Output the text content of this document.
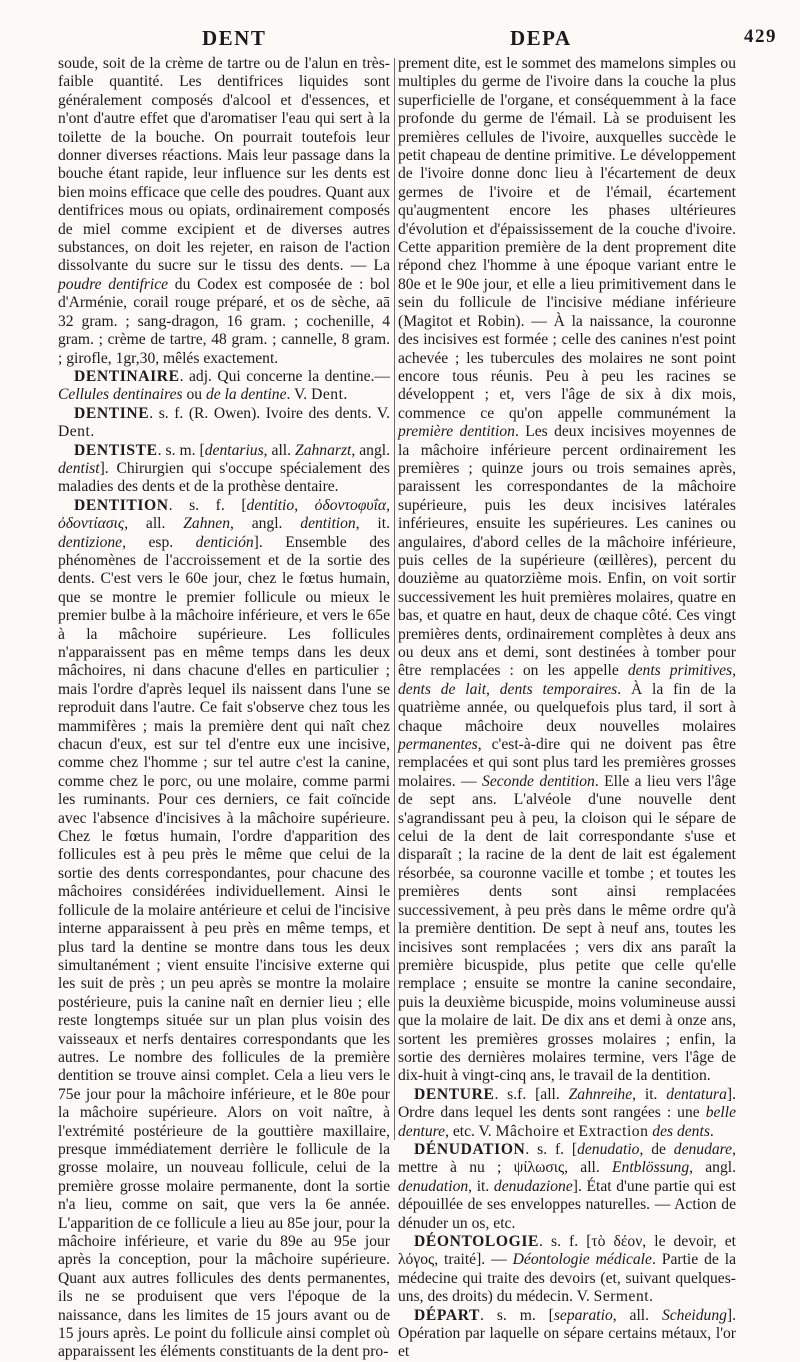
DENT	DEPA	429

soude, soit de la crème de tartre ou de l'alun en très-faible quantité. Les dentifrices liquides sont généralement composés d'alcool et d'essences, et n'ont d'autre effet que d'aromatiser l'eau qui sert à la toilette de la bouche. On pourrait toutefois leur donner diverses réactions. Mais leur passage dans la bouche étant rapide, leur influence sur les dents est bien moins efficace que celle des poudres. Quant aux dentifrices mous ou opiats, ordinairement composés de miel comme excipient et de diverses autres substances, on doit les rejeter, en raison de l'action dissolvante du sucre sur le tissu des dents. — La poudre dentifrice du Codex est composée de : bol d'Arménie, corail rouge préparé, et os de sèche, aā 32 gram. ; sang-dragon, 16 gram. ; cochenille, 4 gram. ; crème de tartre, 48 gram. ; cannelle, 8 gram. ; girofle, 1gr,30, mêlés exactement.

DENTINAIRE. adj. Qui concerne la dentine.—Cellules dentinaires ou de la dentine. V. Dent.

DENTINE. s. f. (R. Owen). Ivoire des dents. V. Dent.

DENTISTE. s. m. [dentarius, all. Zahnarzt, angl. dentist]. Chirurgien qui s'occupe spécialement des maladies des dents et de la prothèse dentaire.

DENTITION. s. f. [dentitio, ὀδοντοφυΐα, ὀδοντίασις, all. Zahnen, angl. dentition, it. dentizione, esp. dentición]. Ensemble des phénomènes de l'accroissement et de la sortie des dents. C'est vers le 60e jour, chez le fœtus humain, que se montre le premier follicule ou mieux le premier bulbe à la mâchoire inférieure, et vers le 65e à la mâchoire supérieure. Les follicules n'apparaissent pas en même temps dans les deux mâchoires, ni dans chacune d'elles en particulier ; mais l'ordre d'après lequel ils naissent dans l'une se reproduit dans l'autre. Ce fait s'observe chez tous les mammifères ; mais la première dent qui naît chez chacun d'eux, est sur tel d'entre eux une incisive, comme chez l'homme ; sur tel autre c'est la canine, comme chez le porc, ou une molaire, comme parmi les ruminants. Pour ces derniers, ce fait coïncide avec l'absence d'incisives à la mâchoire supérieure. Chez le fœtus humain, l'ordre d'apparition des follicules est à peu près le même que celui de la sortie des dents correspondantes, pour chacune des mâchoires considérées individuellement. Ainsi le follicule de la molaire antérieure et celui de l'incisive interne apparaissent à peu près en même temps, et plus tard la dentine se montre dans tous les deux simultanément ; vient ensuite l'incisive externe qui les suit de près ; un peu après se montre la molaire postérieure, puis la canine naît en dernier lieu ; elle reste longtemps située sur un plan plus voisin des vaisseaux et nerfs dentaires correspondants que les autres. Le nombre des follicules de la première dentition se trouve ainsi complet. Cela a lieu vers le 75e jour pour la mâchoire inférieure, et le 80e pour la mâchoire supérieure. Alors on voit naître, à l'extrémité postérieure de la gouttière maxillaire, presque immédiatement derrière le follicule de la grosse molaire, un nouveau follicule, celui de la première grosse molaire permanente, dont la sortie n'a lieu, comme on sait, que vers la 6e année. L'apparition de ce follicule a lieu au 85e jour, pour la mâchoire inférieure, et varie du 89e au 95e jour après la conception, pour la mâchoire supérieure. Quant aux autres follicules des dents permanentes, ils ne se produisent que vers l'époque de la naissance, dans les limites de 15 jours avant ou de 15 jours après. Le point du follicule ainsi complet où apparaissent les éléments constituants de la dent pro-

prement dite, est le sommet des mamelons simples ou multiples du germe de l'ivoire dans la couche la plus superficielle de l'organe, et conséquemment à la face profonde du germe de l'émail. Là se produisent les premières cellules de l'ivoire, auxquelles succède le petit chapeau de dentine primitive. Le développement de l'ivoire donne donc lieu à l'écartement de deux germes de l'ivoire et de l'émail, écartement qu'augmentent encore les phases ultérieures d'évolution et d'épaississement de la couche d'ivoire. Cette apparition première de la dent proprement dite répond chez l'homme à une époque variant entre le 80e et le 90e jour, et elle a lieu primitivement dans le sein du follicule de l'incisive médiane inférieure (Magitot et Robin). — À la naissance, la couronne des incisives est formée ; celle des canines n'est point achevée ; les tubercules des molaires ne sont point encore tous réunis. Peu à peu les racines se développent ; et, vers l'âge de six à dix mois, commence ce qu'on appelle communément la première dentition. Les deux incisives moyennes de la mâchoire inférieure percent ordinairement les premières ; quinze jours ou trois semaines après, paraissent les correspondantes de la mâchoire supérieure, puis les deux incisives latérales inférieures, ensuite les supérieures. Les canines ou angulaires, d'abord celles de la mâchoire inférieure, puis celles de la supérieure (œillères), percent du douzième au quatorzième mois. Enfin, on voit sortir successivement les huit premières molaires, quatre en bas, et quatre en haut, deux de chaque côté. Ces vingt premières dents, ordinairement complètes à deux ans ou deux ans et demi, sont destinées à tomber pour être remplacées : on les appelle dents primitives, dents de lait, dents temporaires. À la fin de la quatrième année, ou quelquefois plus tard, il sort à chaque mâchoire deux nouvelles molaires permanentes, c'est-à-dire qui ne doivent pas être remplacées et qui sont plus tard les premières grosses molaires. — Seconde dentition. Elle a lieu vers l'âge de sept ans. L'alvéole d'une nouvelle dent s'agrandissant peu à peu, la cloison qui le sépare de celui de la dent de lait correspondante s'use et disparaît ; la racine de la dent de lait est également résorbée, sa couronne vacille et tombe ; et toutes les premières dents sont ainsi remplacées successivement, à peu près dans le même ordre qu'à la première dentition. De sept à neuf ans, toutes les incisives sont remplacées ; vers dix ans paraît la première bicuspide, plus petite que celle qu'elle remplace ; ensuite se montre la canine secondaire, puis la deuxième bicuspide, moins volumineuse aussi que la molaire de lait. De dix ans et demi à onze ans, sortent les premières grosses molaires ; enfin, la sortie des dernières molaires termine, vers l'âge de dix-huit à vingt-cinq ans, le travail de la dentition.

DENTURE. s.f. [all. Zahnreihe, it. dentatura]. Ordre dans lequel les dents sont rangées : une belle denture, etc. V. Mâchoire et Extraction des dents.

DÉNUDATION. s. f. [denudatio, de denudare, mettre à nu ; ψίλωσις, all. Entblössung, angl. denudation, it. denudazione]. État d'une partie qui est dépouillée de ses enveloppes naturelles. — Action de dénuder un os, etc.

DÉONTOLOGIE. s. f. [τὸ δέον, le devoir, et λόγος, traité]. — Déontologie médicale. Partie de la médecine qui traite des devoirs (et, suivant quelques-uns, des droits) du médecin. V. Serment.

DÉPART. s. m. [separatio, all. Scheidung]. Opération par laquelle on sépare certains métaux, l'or et
